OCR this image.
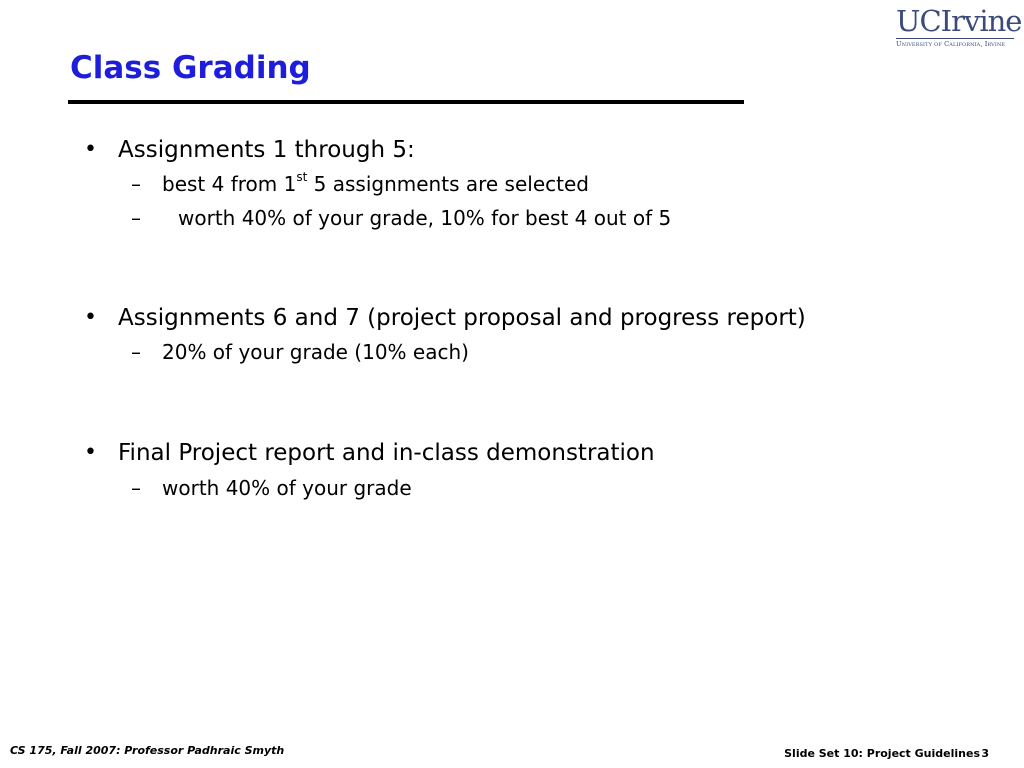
UCIrvine
University of California, Irvine
Class Grading
• Assignments 1 through 5:
– best 4 from 1st 5 assignments are selected
– worth 40% of your grade, 10% for best 4 out of 5
• Assignments 6 and 7 (project proposal and progress report)
– 20% of your grade (10% each)
• Final Project report and in-class demonstration
– worth 40% of your grade
CS 175, Fall 2007: Professor Padhraic Smyth	Slide Set 10: Project Guidelines 3
